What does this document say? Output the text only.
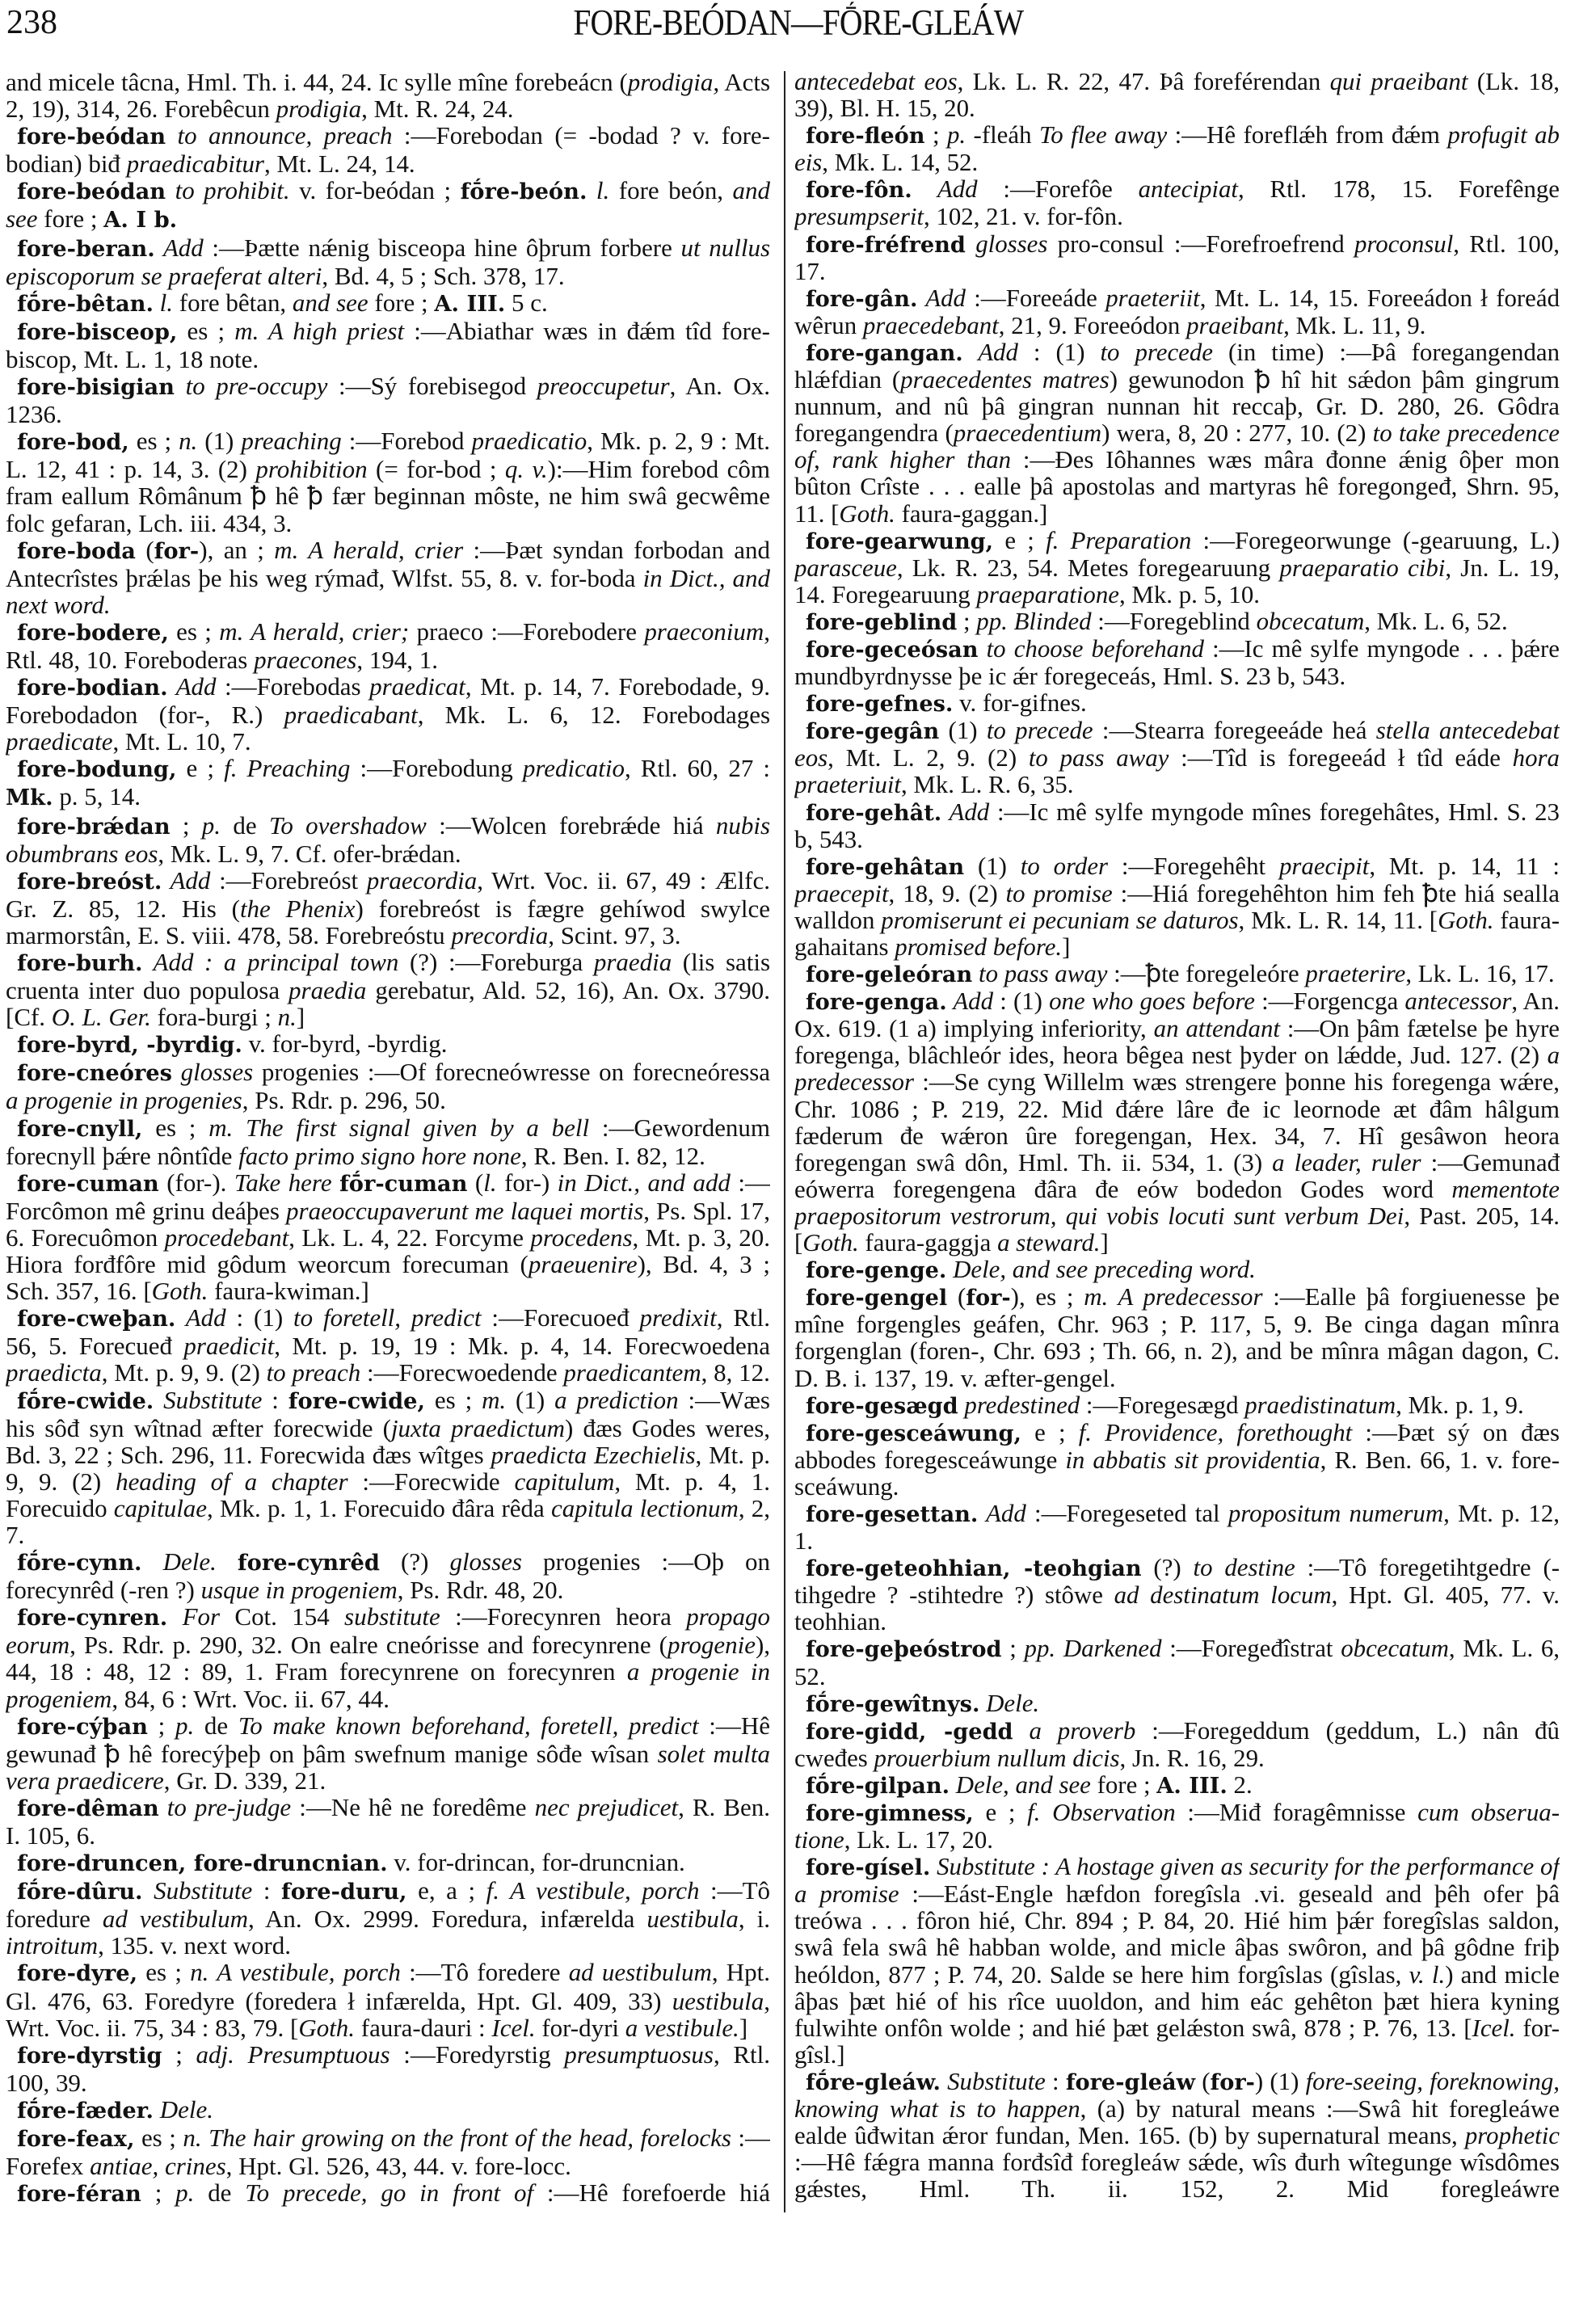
238	FORE-BEÓDAN—FṒRE-GLEÁW

and micele tâcna, Hml. Th. i. 44, 24. Ic sylle mîne forebeácn (prodigia, Acts 2, 19), 314, 26. Forebêcun prodigia, Mt. R. 24, 24.

fore-beódan to announce, preach :—Forebodan (= -bodad ? v. forebodian) biđ praedicabitur, Mt. L. 24, 14.

fore-beódan to prohibit. v. for-beódan ; fṓre-beón. l. fore beón, and see fore ; A. I b.

fore-beran. Add :—Þætte nǽnig bisceopa hine ôþrum forbere ut nullus episcoporum se praeferat alteri, Bd. 4, 5 ; Sch. 378, 17.

fṓre-bêtan. l. fore bêtan, and see fore ; A. III. 5 c.

fore-bisceop, es ; m. A high priest :—Abiathar wæs in đǽm tîd forebiscop, Mt. L. 1, 18 note.

fore-bisigian to pre-occupy :—Sý forebisegod preoccupetur, An. Ox. 1236.

fore-bod, es ; n. (1) preaching :—Forebod praedicatio, Mk. p. 2, 9 : Mt. L. 12, 41 : p. 14, 3. (2) prohibition (= for-bod ; q. v.):—Him forebod côm fram eallum Rômânum ꝥ hê ꝥ fær beginnan môste, ne him swâ gecwême folc gefaran, Lch. iii. 434, 3.

fore-boda (for-), an ; m. A herald, crier :—Þæt syndan forbodan and Antecrîstes þrǽlas þe his weg rýmađ, Wlfst. 55, 8. v. for-boda in Dict., and next word.

fore-bodere, es ; m. A herald, crier; praeco :—Forebodere praeconium, Rtl. 48, 10. Foreboderas praecones, 194, 1.

fore-bodian. Add :—Forebodas praedicat, Mt. p. 14, 7. Forebodade, 9. Forebodadon (for-, R.) praedicabant, Mk. L. 6, 12. Forebodages praedicate, Mt. L. 10, 7.

fore-bodung, e ; f. Preaching :—Forebodung predicatio, Rtl. 60, 27 : Mk. p. 5, 14.

fore-brǽdan ; p. de To overshadow :—Wolcen forebrǽde hiá nubis obumbrans eos, Mk. L. 9, 7. Cf. ofer-brǽdan.

fore-breóst. Add :—Forebreóst praecordia, Wrt. Voc. ii. 67, 49 : Ælfc. Gr. Z. 85, 12. His (the Phenix) forebreóst is fægre gehíwod swylce marmorstân, E. S. viii. 478, 58. Forebreóstu precordia, Scint. 97, 3.

fore-burh. Add : a principal town (?) :—Foreburga praedia (lis satis cruenta inter duo populosa praedia gerebatur, Ald. 52, 16), An. Ox. 3790. [Cf. O. L. Ger. fora-burgi ; n.]

fore-byrd, -byrdig. v. for-byrd, -byrdig.

fore-cneóres glosses progenies :—Of forecneówresse on forecneóressa a progenie in progenies, Ps. Rdr. p. 296, 50.

fore-cnyll, es ; m. The first signal given by a bell :—Gewordenum forecnyll þǽre nôntîde facto primo signo hore none, R. Ben. I. 82, 12.

fore-cuman (for-). Take here fṓr-cuman (l. for-) in Dict., and add :—Forcômon mê grinu deáþes praeoccupaverunt me laquei mortis, Ps. Spl. 17, 6. Forecuômon procedebant, Lk. L. 4, 22. Forcyme procedens, Mt. p. 3, 20. Hiora forđfôre mid gôdum weorcum forecuman (praeuenire), Bd. 4, 3 ; Sch. 357, 16. [Goth. faura-kwiman.]

fore-cweþan. Add : (1) to foretell, predict :—Forecuoeđ predixit, Rtl. 56, 5. Forecueđ praedicit, Mt. p. 19, 19 : Mk. p. 4, 14. Forecwoedena praedicta, Mt. p. 9, 9. (2) to preach :—Forecwoedende praedicantem, 8, 12.

fṓre-cwide. Substitute : fore-cwide, es ; m. (1) a prediction :—Wæs his sôđ syn wîtnad æfter forecwide (juxta praedictum) đæs Godes weres, Bd. 3, 22 ; Sch. 296, 11. Forecwida đæs wîtges praedicta Ezechielis, Mt. p. 9, 9. (2) heading of a chapter :—Forecwide capitulum, Mt. p. 4, 1. Forecuido capitulae, Mk. p. 1, 1. Forecuido đâra rêda capitula lectionum, 2, 7.

fṓre-cynn. Dele. fore-cynrêd (?) glosses progenies :—Oþ on forecynrêd (-ren ?) usque in progeniem, Ps. Rdr. 48, 20.

fore-cynren. For Cot. 154 substitute :—Forecynren heora propago eorum, Ps. Rdr. p. 290, 32. On ealre cneórisse and forecynrene (progenie), 44, 18 : 48, 12 : 89, 1. Fram forecynrene on forecynren a progenie in progeniem, 84, 6 : Wrt. Voc. ii. 67, 44.

fore-cýþan ; p. de To make known beforehand, foretell, predict :—Hê gewunađ ꝥ hê forecýþeþ on þâm swefnum manige sôđe wîsan solet multa vera praedicere, Gr. D. 339, 21.

fore-dêman to pre-judge :—Ne hê ne foredême nec prejudicet, R. Ben. I. 105, 6.

fore-druncen, fore-druncnian. v. for-drincan, for-druncnian.

fṓre-dûru. Substitute : fore-duru, e, a ; f. A vestibule, porch :—Tô foredure ad vestibulum, An. Ox. 2999. Foredura, infærelda uestibula, i. introitum, 135. v. next word.

fore-dyre, es ; n. A vestibule, porch :—Tô foredere ad uestibulum, Hpt. Gl. 476, 63. Foredyre (foredera ł infærelda, Hpt. Gl. 409, 33) uestibula, Wrt. Voc. ii. 75, 34 : 83, 79. [Goth. faura-dauri : Icel. for-dyri a vestibule.]

fore-dyrstig ; adj. Presumptuous :—Foredyrstig presumptuosus, Rtl. 100, 39.

fṓre-fæder. Dele.

fore-feax, es ; n. The hair growing on the front of the head, forelocks :—Forefex antiae, crines, Hpt. Gl. 526, 43, 44. v. fore-locc.

fore-féran ; p. de To precede, go in front of :—Hê forefoerde hiá

antecedebat eos, Lk. L. R. 22, 47. Þâ foreférendan qui praeibant (Lk. 18, 39), Bl. H. 15, 20.

fore-fleón ; p. -fleáh To flee away :—Hê foreflǽh from đǽm profugit ab eis, Mk. L. 14, 52.

fore-fôn. Add :—Forefôe antecipiat, Rtl. 178, 15. Forefênge presumpserit, 102, 21. v. for-fôn.

fore-fréfrend glosses pro-consul :—Forefroefrend proconsul, Rtl. 100, 17.

fore-gân. Add :—Foreeáde praeteriit, Mt. L. 14, 15. Foreeádon ł foreád wêrun praecedebant, 21, 9. Foreeódon praeibant, Mk. L. 11, 9.

fore-gangan. Add : (1) to precede (in time) :—Þâ foregangendan hlǽfdian (praecedentes matres) gewunodon ꝥ hî hit sǽdon þâm gingrum nunnum, and nû þâ gingran nunnan hit reccaþ, Gr. D. 280, 26. Gôdra foregangendra (praecedentium) wera, 8, 20 : 277, 10. (2) to take precedence of, rank higher than :—Đes Iôhannes wæs mâra đonne ǽnig ôþer mon bûton Crîste . . . ealle þâ apostolas and martyras hê foregongeđ, Shrn. 95, 11. [Goth. faura-gaggan.]

fore-gearwung, e ; f. Preparation :—Foregeorwunge (-gearuung, L.) parasceue, Lk. R. 23, 54. Metes foregearuung praeparatio cibi, Jn. L. 19, 14. Foregearuung praeparatione, Mk. p. 5, 10.

fore-geblind ; pp. Blinded :—Foregeblind obcecatum, Mk. L. 6, 52.

fore-geceósan to choose beforehand :—Ic mê sylfe myngode . . . þǽre mundbyrdnysse þe ic ǽr foregeceás, Hml. S. 23 b, 543.

fore-gefnes. v. for-gifnes.

fore-gegân (1) to precede :—Stearra foregeeáde heá stella antecedebat eos, Mt. L. 2, 9. (2) to pass away :—Tîd is foregeeád ł tîd eáde hora praeteriuit, Mk. L. R. 6, 35.

fore-gehât. Add :—Ic mê sylfe myngode mînes foregehâtes, Hml. S. 23 b, 543.

fore-gehâtan (1) to order :—Foregehêht praecipit, Mt. p. 14, 11 : praecepit, 18, 9. (2) to promise :—Hiá foregehêhton him feh ꝥte hiá sealla walldon promiserunt ei pecuniam se daturos, Mk. L. R. 14, 11. [Goth. faura-gahaitans promised before.]

fore-geleóran to pass away :—ꝥte foregeleóre praeterire, Lk. L. 16, 17.

fore-genga. Add : (1) one who goes before :—Forgencga antecessor, An. Ox. 619. (1 a) implying inferiority, an attendant :—On þâm fætelse þe hyre foregenga, blâchleór ides, heora bêgea nest þyder on lǽdde, Jud. 127. (2) a predecessor :—Se cyng Willelm wæs strengere þonne his foregenga wǽre, Chr. 1086 ; P. 219, 22. Mid đǽre lâre đe ic leornode æt đâm hâlgum fæderum đe wǽron ûre foregengan, Hex. 34, 7. Hî gesâwon heora foregengan swâ dôn, Hml. Th. ii. 534, 1. (3) a leader, ruler :—Gemunađ eówerra foregengena đâra đe eów bodedon Godes word mementote praepositorum vestrorum, qui vobis locuti sunt verbum Dei, Past. 205, 14. [Goth. faura-gaggja a steward.]

fore-genge. Dele, and see preceding word.

fore-gengel (for-), es ; m. A predecessor :—Ealle þâ forgiuenesse þe mîne forgengles geáfen, Chr. 963 ; P. 117, 5, 9. Be cinga dagan mînra forgenglan (foren-, Chr. 693 ; Th. 66, n. 2), and be mînra mâgan dagon, C. D. B. i. 137, 19. v. æfter-gengel.

fore-gesægd predestined :—Foregesægd praedistinatum, Mk. p. 1, 9.

fore-gesceáwung, e ; f. Providence, forethought :—Þæt sý on đæs abbodes foregesceáwunge in abbatis sit providentia, R. Ben. 66, 1. v. fore-sceáwung.

fore-gesettan. Add :—Foregeseted tal propositum numerum, Mt. p. 12, 1.

fore-geteohhian, -teohgian (?) to destine :—Tô foregetihtgedre (-tihgedre ? -stihtedre ?) stôwe ad destinatum locum, Hpt. Gl. 405, 77. v. teohhian.

fore-geþeóstrod ; pp. Darkened :—Foregeđîstrat obcecatum, Mk. L. 6, 52.

fṓre-gewîtnys. Dele.

fore-gidd, -gedd a proverb :—Foregeddum (geddum, L.) nân đû cweđes prouerbium nullum dicis, Jn. R. 16, 29.

fṓre-gilpan. Dele, and see fore ; A. III. 2.

fore-gimness, e ; f. Observation :—Miđ foragêmnisse cum obseruatione, Lk. L. 17, 20.

fore-gísel. Substitute : A hostage given as security for the performance of a promise :—Eást-Engle hæfdon foregîsla .vi. geseald and þêh ofer þâ treówa . . . fôron hié, Chr. 894 ; P. 84, 20. Hié him þǽr foregîslas saldon, swâ fela swâ hê habban wolde, and micle âþas swôron, and þâ gôdne friþ heóldon, 877 ; P. 74, 20. Salde se here him forgîslas (gîslas, v. l.) and micle âþas þæt hié of his rîce uuoldon, and him eác gehêton þæt hiera kyning fulwihte onfôn wolde ; and hié þæt gelǽston swâ, 878 ; P. 76, 13. [Icel. for-gîsl.]

fṓre-gleáw. Substitute : fore-gleáw (for-) (1) fore-seeing, foreknowing, knowing what is to happen, (a) by natural means :—Swâ hit foregleáwe ealde ûđwitan ǽror fundan, Men. 165. (b) by supernatural means, prophetic :—Hê fǽgra manna forđsîđ foregleáw sǽde, wîs đurh wîtegunge wîsdômes gǽstes, Hml. Th. ii. 152, 2. Mid foregleáwre
